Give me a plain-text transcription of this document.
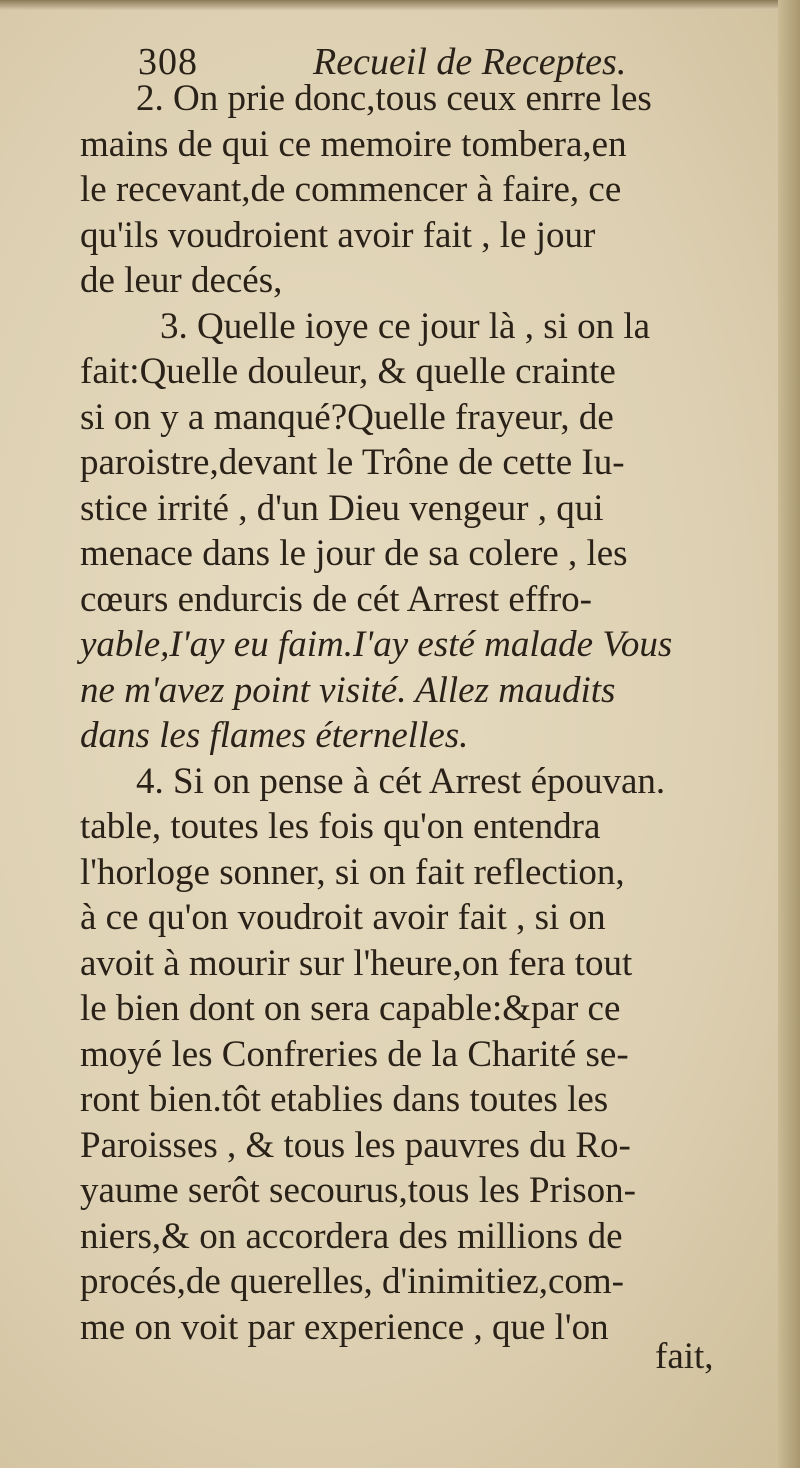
308	Recueil de Receptes.
2. On prie donc,tous ceux enrre les
mains de qui ce memoire tombera,en
le recevant,de commencer à faire, ce
qu'ils voudroient avoir fait , le jour
de leur decés,
3. Quelle ioye ce jour là , si on la
fait:Quelle douleur, & quelle crainte
si on y a manqué?Quelle frayeur, de
paroistre,devant le Trône de cette Iu-
stice irrité , d'un Dieu vengeur , qui
menace dans le jour de sa colere , les
cœurs endurcis de cét Arrest effro-
yable,I'ay eu faim.I'ay esté malade Vous
ne m'avez point visité. Allez maudits
dans les flames éternelles.
4. Si on pense à cét Arrest épouvan.
table, toutes les fois qu'on entendra
l'horloge sonner, si on fait reflection,
à ce qu'on voudroit avoir fait , si on
avoit à mourir sur l'heure,on fera tout
le bien dont on sera capable:&par ce
moyé les Confreries de la Charité se-
ront bien.tôt etablies dans toutes les
Paroisses , & tous les pauvres du Ro-
yaume serôt secourus,tous les Prison-
niers,& on accordera des millions de
procés,de querelles, d'inimitiez,com-
me on voit par experience , que l'on
fait,
